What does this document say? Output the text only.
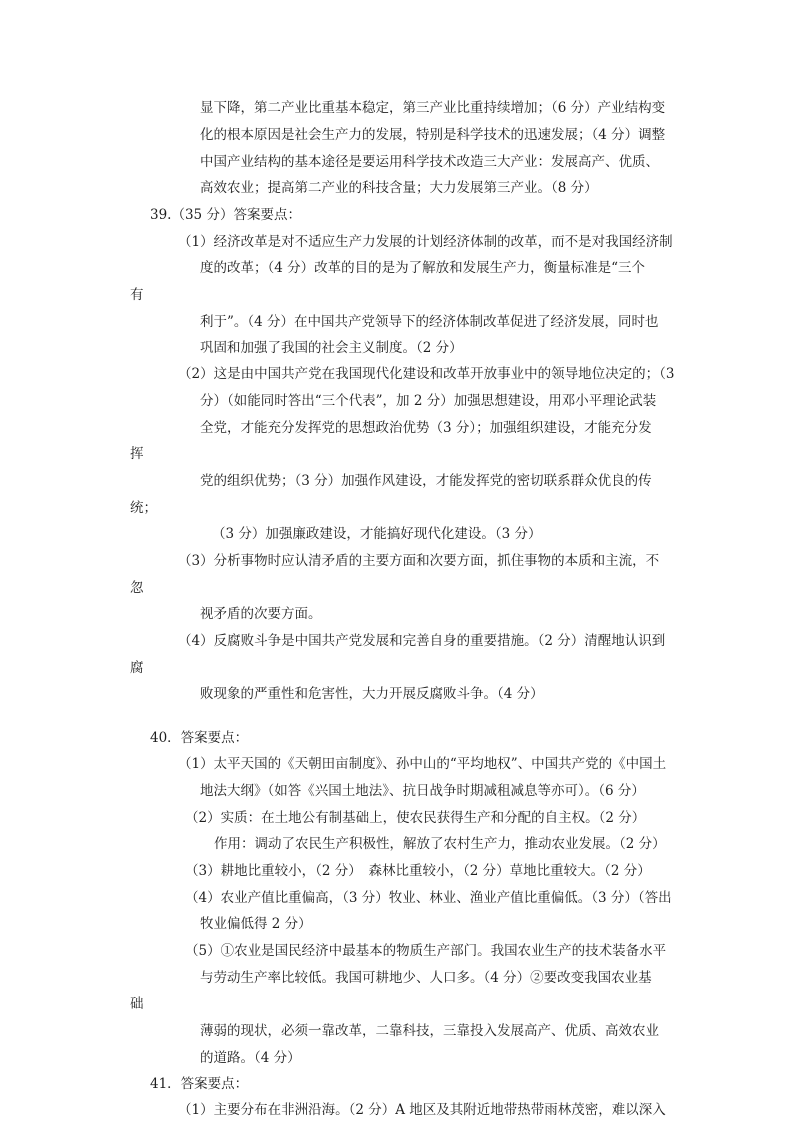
显下降，第二产业比重基本稳定，第三产业比重持续增加；（6 分）产业结构变
化的根本原因是社会生产力的发展，特别是科学技术的迅速发展；（4 分）调整
中国产业结构的基本途径是要运用科学技术改造三大产业：发展高产、优质、
高效农业；提高第二产业的科技含量；大力发展第三产业。（8 分）
39.（35 分）答案要点：
（1）经济改革是对不适应生产力发展的计划经济体制的改革，而不是对我国经济制
度的改革；（4 分）改革的目的是为了解放和发展生产力，衡量标准是“三个
有
利于”。（4 分）在中国共产党领导下的经济体制改革促进了经济发展，同时也
巩固和加强了我国的社会主义制度。（2 分）
（2）这是由中国共产党在我国现代化建设和改革开放事业中的领导地位决定的；（3
分）（如能同时答出“三个代表”，加 2 分）加强思想建设，用邓小平理论武装
全党，才能充分发挥党的思想政治优势（3 分）；加强组织建设，才能充分发
挥
党的组织优势；（3 分）加强作风建设，才能发挥党的密切联系群众优良的传
统；
（3 分）加强廉政建设，才能搞好现代化建设。（3 分）
（3）分析事物时应认清矛盾的主要方面和次要方面，抓住事物的本质和主流，不
忽
视矛盾的次要方面。
（4）反腐败斗争是中国共产党发展和完善自身的重要措施。（2 分）清醒地认识到
腐
败现象的严重性和危害性，大力开展反腐败斗争。（4 分）
40．答案要点：
（1）太平天国的《天朝田亩制度》、孙中山的“平均地权”、中国共产党的《中国土
地法大纲》（如答《兴国土地法》、抗日战争时期减租减息等亦可）。（6 分）
（2）实质：在土地公有制基础上，使农民获得生产和分配的自主权。（2 分）
作用：调动了农民生产积极性，解放了农村生产力，推动农业发展。（2 分）
（3）耕地比重较小，（2 分）　森林比重较小，（2 分）草地比重较大。（2 分）
（4）农业产值比重偏高，（3 分）牧业、林业、渔业产值比重偏低。（3 分）（答出
牧业偏低得 2 分）
（5）①农业是国民经济中最基本的物质生产部门。我国农业生产的技术装备水平
与劳动生产率比较低。我国可耕地少、人口多。（4 分）②要改变我国农业基
础
薄弱的现状，必须一靠改革，二靠科技，三靠投入发展高产、优质、高效农业
的道路。（4 分）
41．答案要点：
（1）主要分布在非洲沿海。（2 分）A 地区及其附近地带热带雨林茂密，难以深入
